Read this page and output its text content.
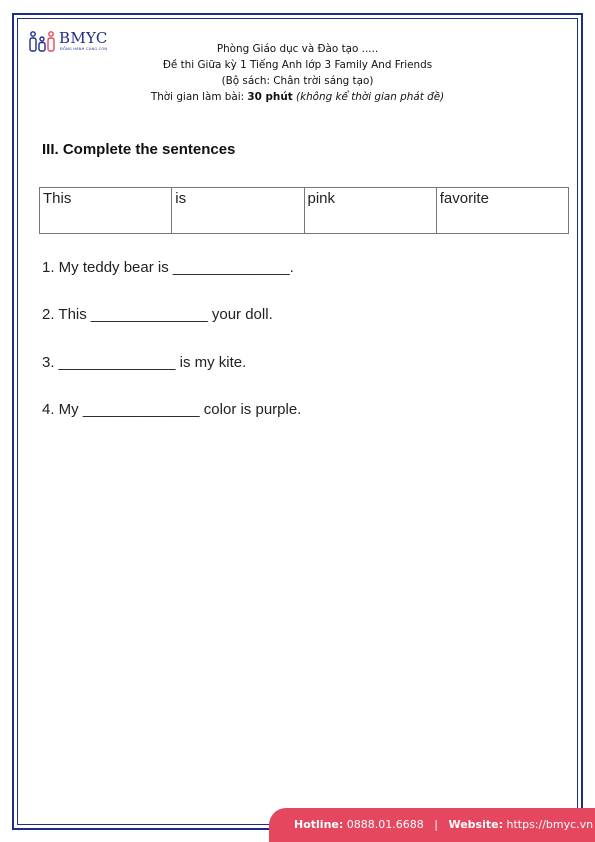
BMYC
ĐỒNG HÀNH CÙNG CON	Phòng Giáo dục và Đào tạo .....
Đề thi Giữa kỳ 1 Tiếng Anh lớp 3 Family And Friends
(Bộ sách: Chân trời sáng tạo)
Thời gian làm bài: 30 phút (không kể thời gian phát đề)
III. Complete the sentences
This	is	pink	favorite
1. My teddy bear is ______________.
2. This ______________ your doll.
3. ______________ is my kite.
4. My ______________ color is purple.
Hotline: 0888.01.6688 | Website: https://bmyc.vn
